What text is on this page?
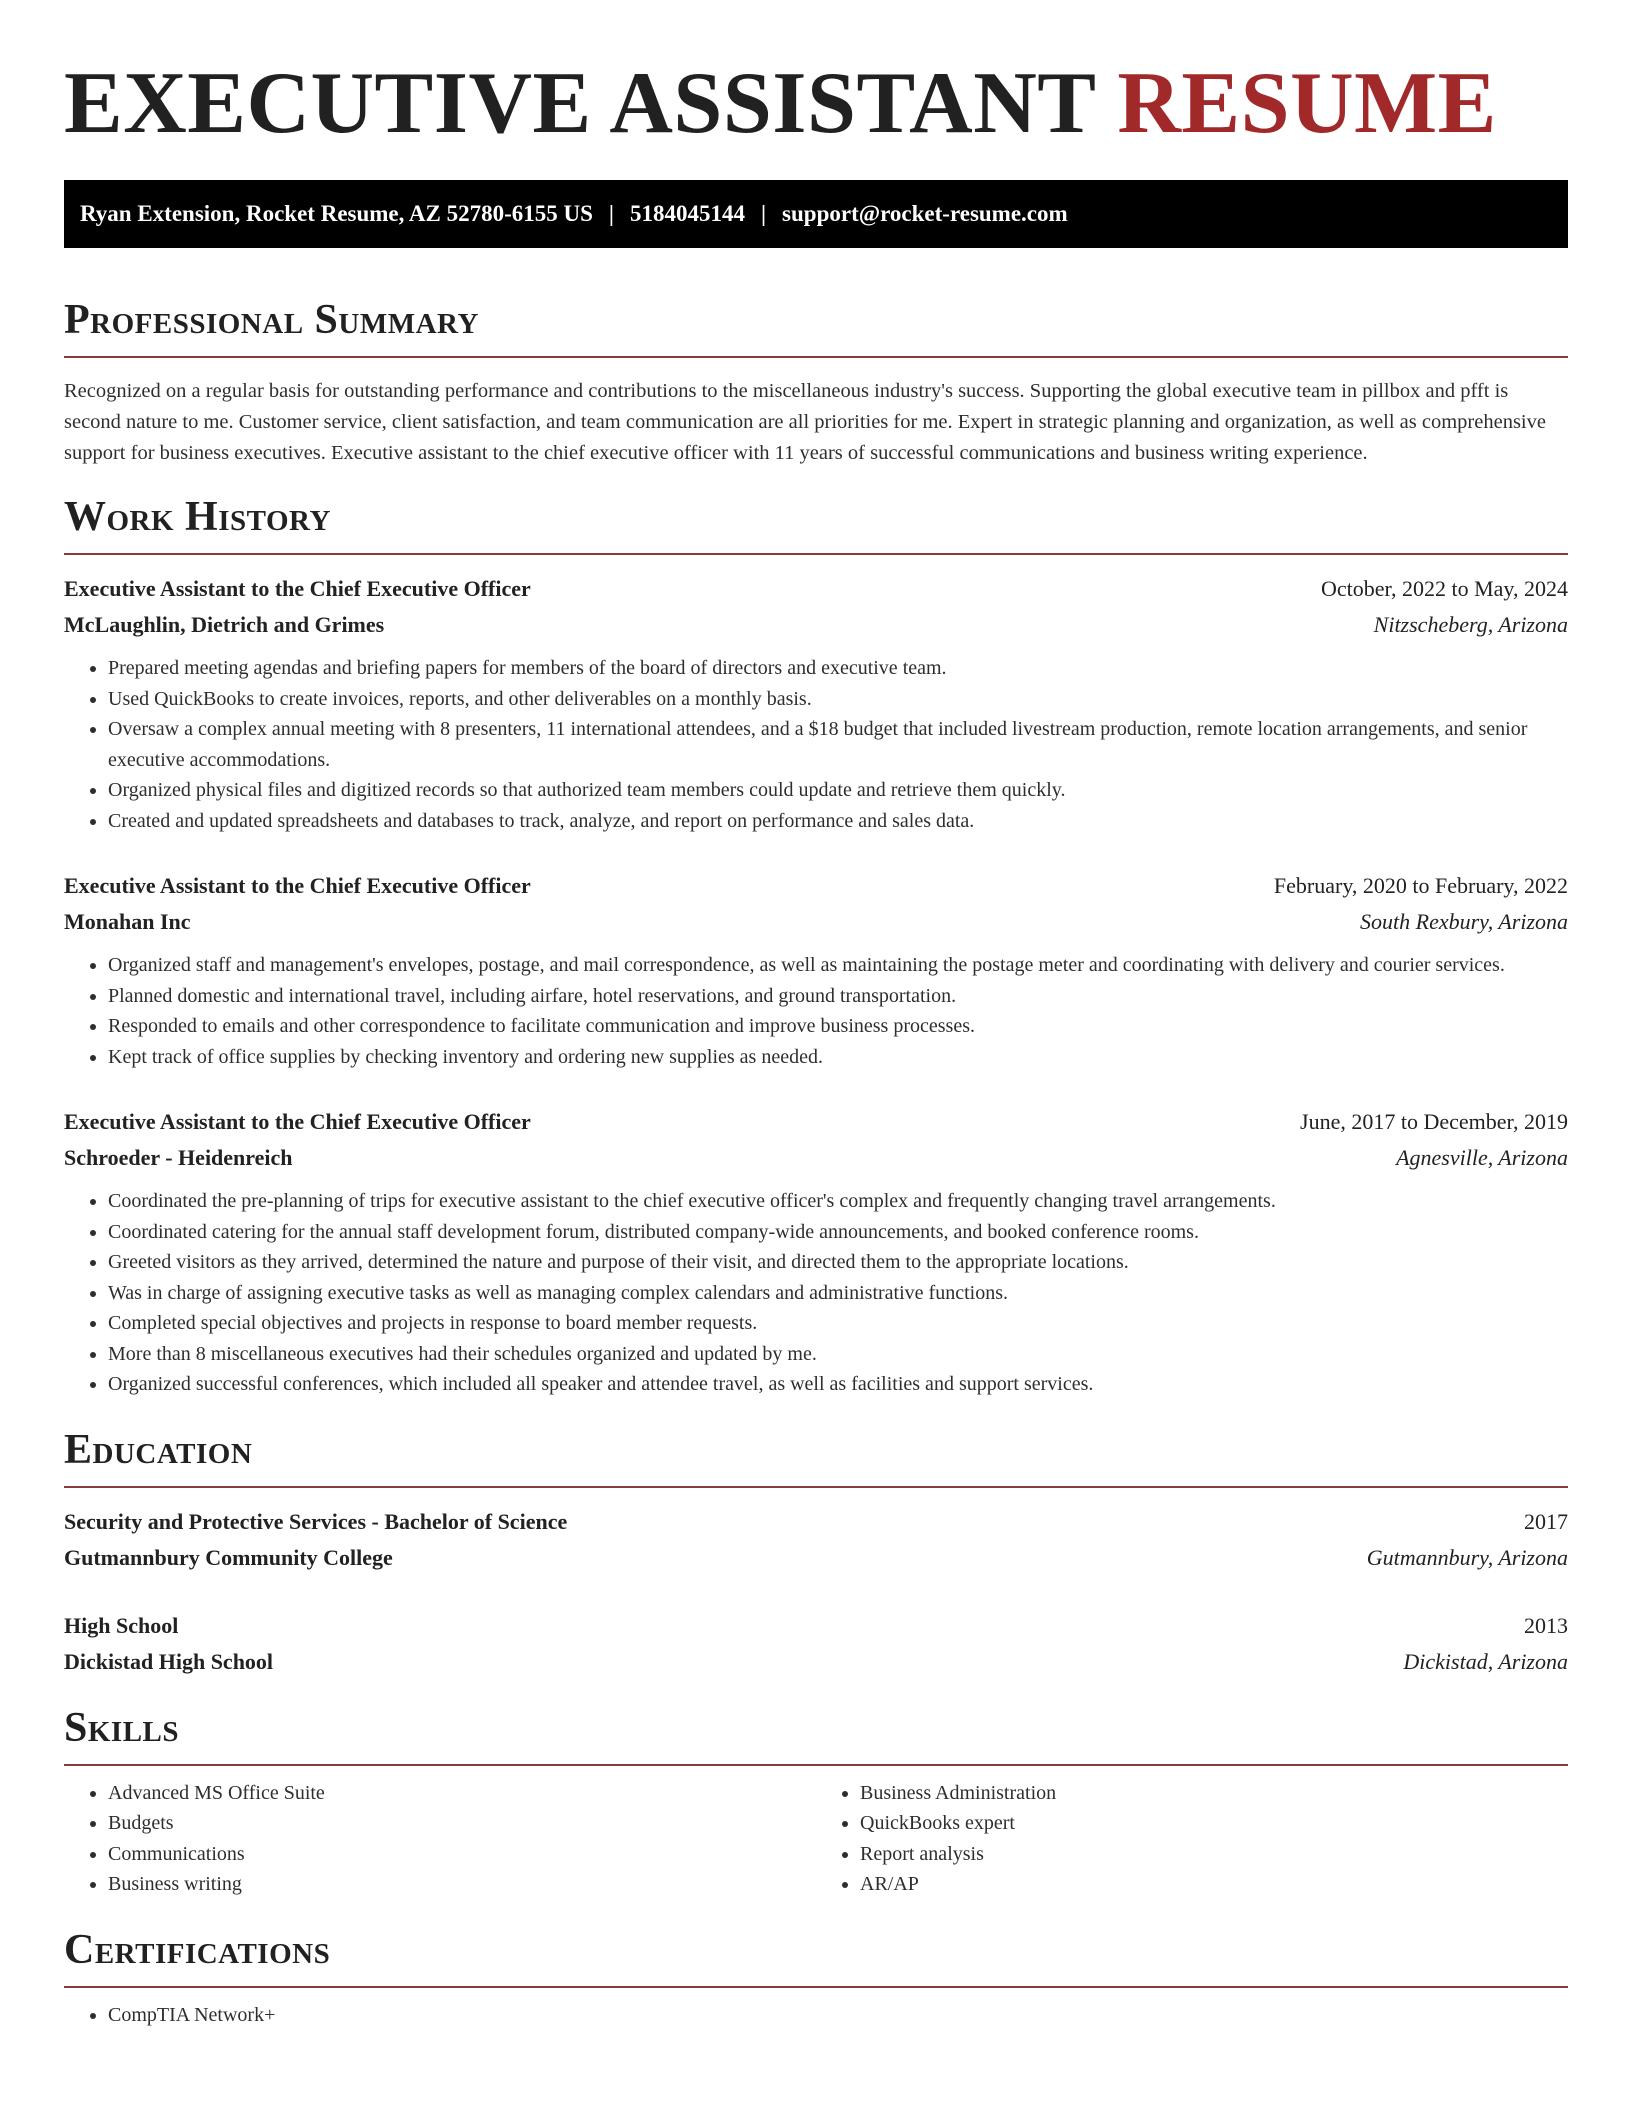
EXECUTIVE ASSISTANT RESUME
Ryan Extension, Rocket Resume, AZ 52780-6155 US | 5184045144 | support@rocket-resume.com
Professional Summary

Recognized on a regular basis for outstanding performance and contributions to the miscellaneous industry's success. Supporting the global executive team in pillbox and pfft is second nature to me. Customer service, client satisfaction, and team communication are all priorities for me. Expert in strategic planning and organization, as well as comprehensive support for business executives. Executive assistant to the chief executive officer with 11 years of successful communications and business writing experience.

Work History
Executive Assistant to the Chief Executive Officer	October, 2022 to May, 2024
McLaughlin, Dietrich and Grimes	Nitzscheberg, Arizona
• Prepared meeting agendas and briefing papers for members of the board of directors and executive team.
• Used QuickBooks to create invoices, reports, and other deliverables on a monthly basis.
• Oversaw a complex annual meeting with 8 presenters, 11 international attendees, and a $18 budget that included livestream production, remote location arrangements, and senior executive accommodations.
• Organized physical files and digitized records so that authorized team members could update and retrieve them quickly.
• Created and updated spreadsheets and databases to track, analyze, and report on performance and sales data.
Executive Assistant to the Chief Executive Officer	February, 2020 to February, 2022
Monahan Inc	South Rexbury, Arizona
• Organized staff and management's envelopes, postage, and mail correspondence, as well as maintaining the postage meter and coordinating with delivery and courier services.
• Planned domestic and international travel, including airfare, hotel reservations, and ground transportation.
• Responded to emails and other correspondence to facilitate communication and improve business processes.
• Kept track of office supplies by checking inventory and ordering new supplies as needed.
Executive Assistant to the Chief Executive Officer	June, 2017 to December, 2019
Schroeder - Heidenreich	Agnesville, Arizona
• Coordinated the pre-planning of trips for executive assistant to the chief executive officer's complex and frequently changing travel arrangements.
• Coordinated catering for the annual staff development forum, distributed company-wide announcements, and booked conference rooms.
• Greeted visitors as they arrived, determined the nature and purpose of their visit, and directed them to the appropriate locations.
• Was in charge of assigning executive tasks as well as managing complex calendars and administrative functions.
• Completed special objectives and projects in response to board member requests.
• More than 8 miscellaneous executives had their schedules organized and updated by me.
• Organized successful conferences, which included all speaker and attendee travel, as well as facilities and support services.
Education
Security and Protective Services - Bachelor of Science	2017
Gutmannbury Community College	Gutmannbury, Arizona
High School	2013
Dickistad High School	Dickistad, Arizona
Skills
• Advanced MS Office Suite
• Budgets
• Communications
• Business writing
• Business Administration
• QuickBooks expert
• Report analysis
• AR/AP
Certifications
• CompTIA Network+
